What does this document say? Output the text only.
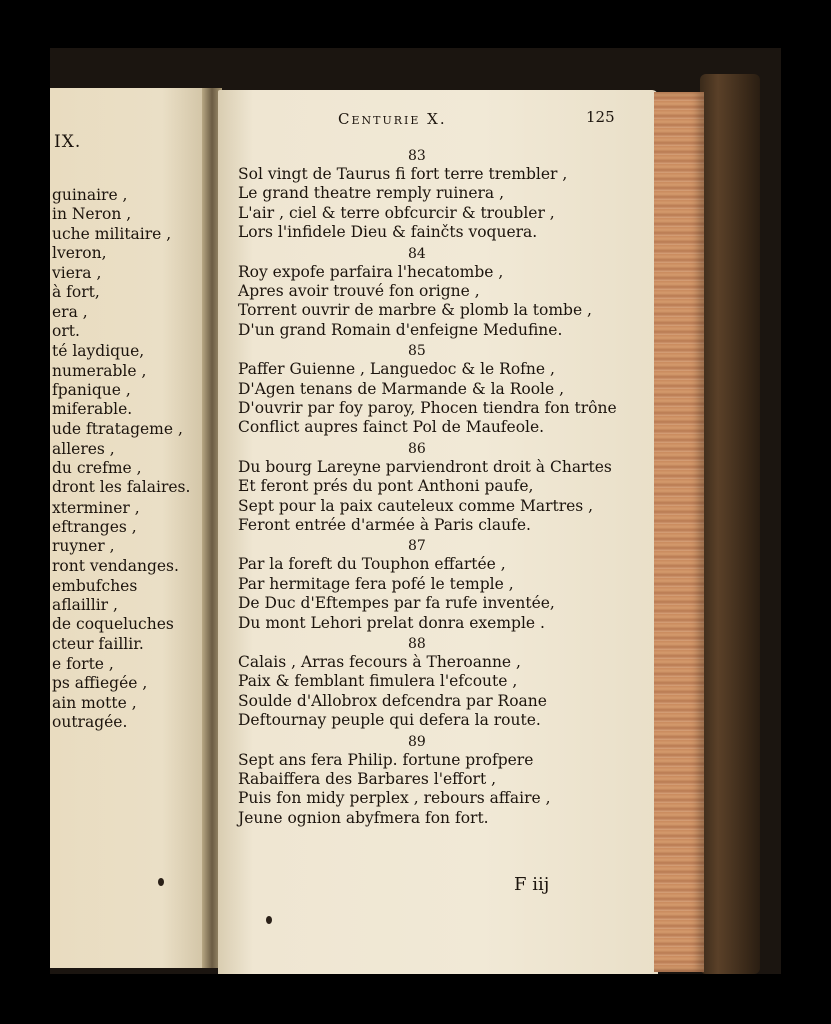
IX.
guinaire ,
in Neron ,
uche militaire ,
lveron,
viera ,
à fort,
era ,
ort.
té laydique,
numerable ,
fpanique ,
miferable.
ude ftratageme ,
alleres ,
du crefme ,
dront les falaires.
xterminer ,
eftranges ,
ruyner ,
ront vendanges.
embufches
aflaillir ,
de coqueluches
cteur faillir.
e forte ,
ps affiegée ,
ain motte ,
outragée.
Centurie X.	125
F iij
83
Sol vingt de Taurus fi fort terre trembler ,
Le grand theatre remply ruinera ,
L'air , ciel & terre obfcurcir & troubler ,
Lors l'infidele Dieu & fainčts voquera.
84
Roy expofe parfaira l'hecatombe ,
Apres avoir trouvé fon origne ,
Torrent ouvrir de marbre & plomb la tombe ,
D'un grand Romain d'enfeigne Medufine.
85
Paffer Guienne , Languedoc & le Rofne ,
D'Agen tenans de Marmande & la Roole ,
D'ouvrir par foy paroy, Phocen tiendra fon trône
Conflict aupres fainct Pol de Maufeole.
86
Du bourg Lareyne parviendront droit à Chartes
Et feront prés du pont Anthoni paufe,
Sept pour la paix cauteleux comme Martres ,
Feront entrée d'armée à Paris claufe.
87
Par la foreft du Touphon effartée ,
Par hermitage fera pofé le temple ,
De Duc d'Eftempes par fa rufe inventée,
Du mont Lehori prelat donra exemple .
88
Calais , Arras fecours à Theroanne ,
Paix & femblant fimulera l'efcoute ,
Soulde d'Allobrox defcendra par Roane
Deftournay peuple qui defera la route.
89
Sept ans fera Philip. fortune profpere
Rabaiffera des Barbares l'effort ,
Puis fon midy perplex , rebours affaire ,
Jeune ognion abyfmera fon fort.
